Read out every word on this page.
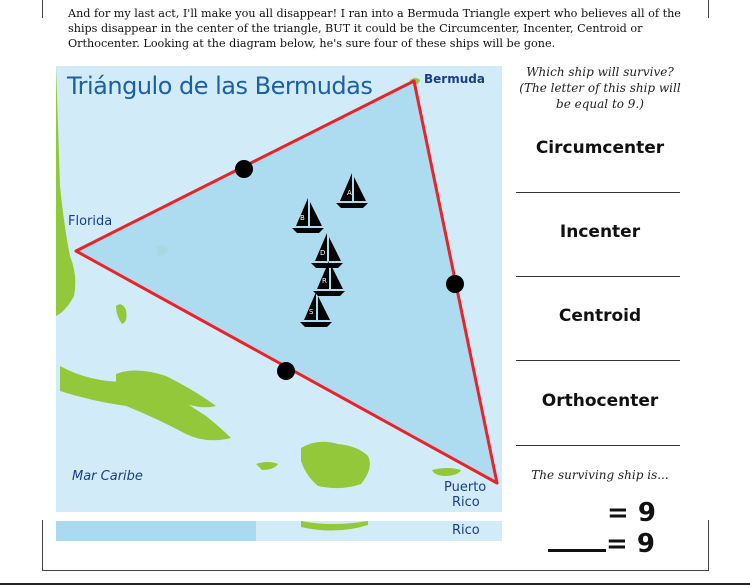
And for my last act, I'll make you all disappear! I ran into a Bermuda Triangle expert who believes all of the ships disappear in the center of the triangle, BUT it could be the Circumcenter, Incenter, Centroid or Orthocenter. Looking at the diagram below, he's sure four of these ships will be gone.
A
B
D
R
S
Triángulo de las Bermudas	Bermuda
Florida
Mar Caribe
Puerto
Rico
Rico
Which ship will survive? (The letter of this ship will be equal to 9.)
Circumcenter
Incenter
Centroid
Orthocenter
The surviving ship is...
= 9
= 9
